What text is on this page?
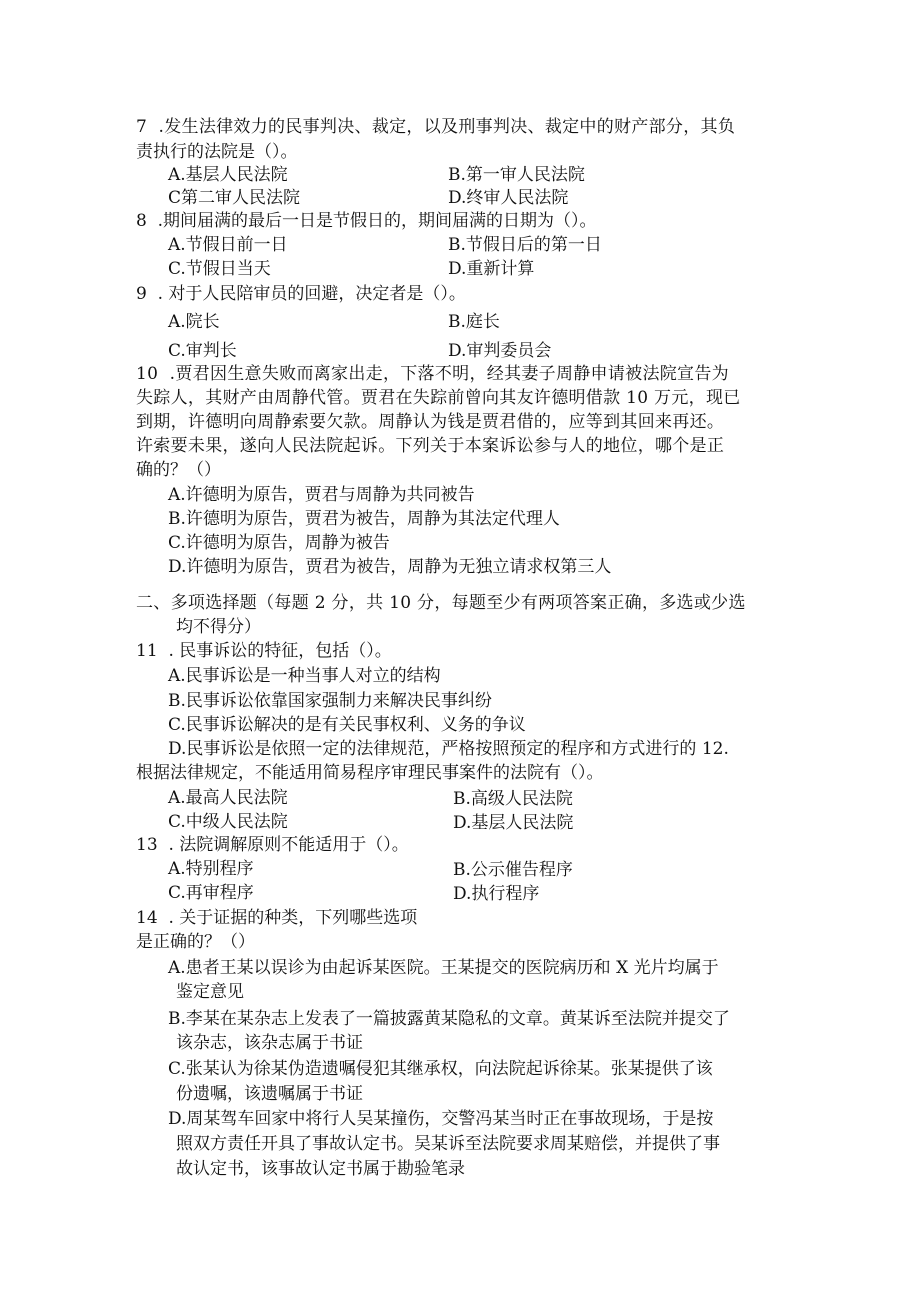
7  .发生法律效力的民事判决、裁定，以及刑事判决、裁定中的财产部分，其负
责执行的法院是（）。
A.基层人民法院	B.第一审人民法院
C第二审人民法院	D.终审人民法院
8  .期间届满的最后一日是节假日的，期间届满的日期为（）。
A.节假日前一日	B.节假日后的第一日
C.节假日当天	D.重新计算
9  . 对于人民陪审员的回避，决定者是（）。
A.院长	B.庭长
C.审判长	D.审判委员会
10  .贾君因生意失败而离家出走，下落不明，经其妻子周静申请被法院宣告为
失踪人，其财产由周静代管。贾君在失踪前曾向其友许德明借款 10 万元，现已
到期，许德明向周静索要欠款。周静认为钱是贾君借的，应等到其回来再还。
许索要未果，遂向人民法院起诉。下列关于本案诉讼参与人的地位，哪个是正
确的？（）
A.许德明为原告，贾君与周静为共同被告
B.许德明为原告，贾君为被告，周静为其法定代理人
C.许德明为原告，周静为被告
D.许德明为原告，贾君为被告，周静为无独立请求权第三人
二、多项选择题（每题 2 分，共 10 分，每题至少有两项答案正确，多选或少选
均不得分）
11  . 民事诉讼的特征，包括（）。
A.民事诉讼是一种当事人对立的结构
B.民事诉讼依靠国家强制力来解决民事纠纷
C.民事诉讼解决的是有关民事权利、义务的争议
D.民事诉讼是依照一定的法律规范，严格按照预定的程序和方式进行的 12.
根据法律规定，不能适用简易程序审理民事案件的法院有（）。
A.最高人民法院	B.高级人民法院
C.中级人民法院	D.基层人民法院
13  . 法院调解原则不能适用于（）。
A.特别程序	B.公示催告程序
C.再审程序	D.执行程序
14  . 关于证据的种类，下列哪些选项
是正确的？（）
A.患者王某以误诊为由起诉某医院。王某提交的医院病历和 X 光片均属于
鉴定意见
B.李某在某杂志上发表了一篇披露黄某隐私的文章。黄某诉至法院并提交了
该杂志，该杂志属于书证
C.张某认为徐某伪造遗嘱侵犯其继承权，向法院起诉徐某。张某提供了该
份遗嘱，该遗嘱属于书证
D.周某驾车回家中将行人吴某撞伤，交警冯某当时正在事故现场，于是按
照双方责任开具了事故认定书。吴某诉至法院要求周某赔偿，并提供了事
故认定书，该事故认定书属于勘验笔录
